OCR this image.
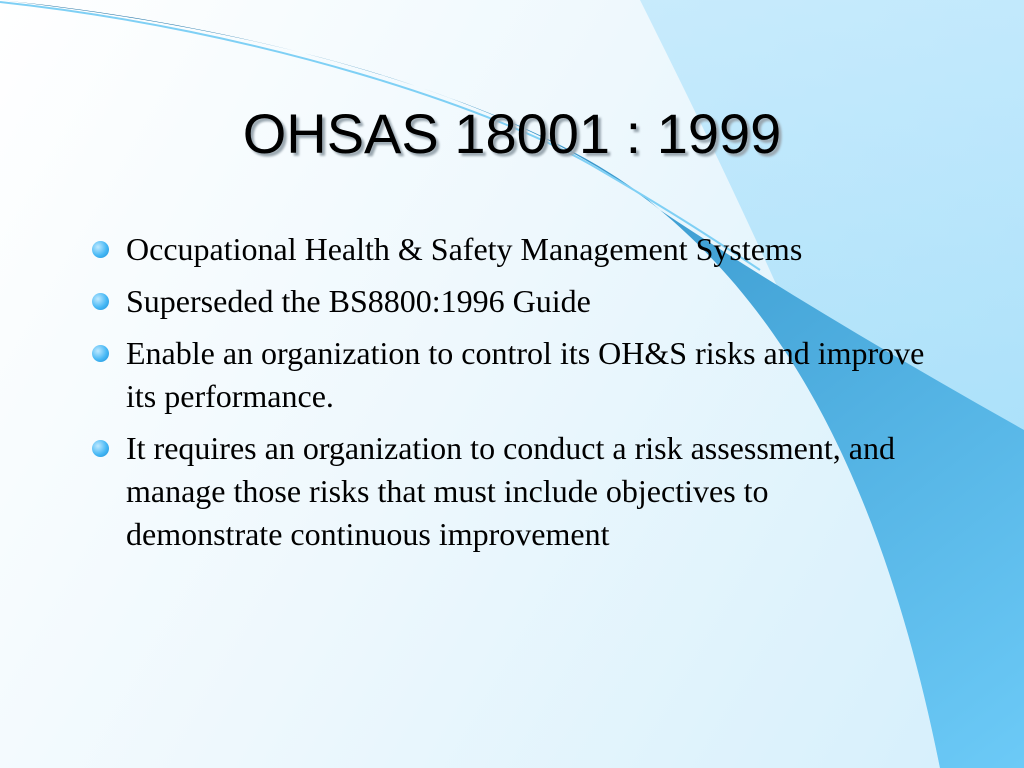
OHSAS 18001 : 1999
Occupational Health & Safety Management Systems
Superseded the BS8800:1996 Guide
Enable an organization to control its OH&S risks and improve its performance.
It requires an organization to conduct a risk assessment, and manage those risks that must include objectives to demonstrate continuous improvement
